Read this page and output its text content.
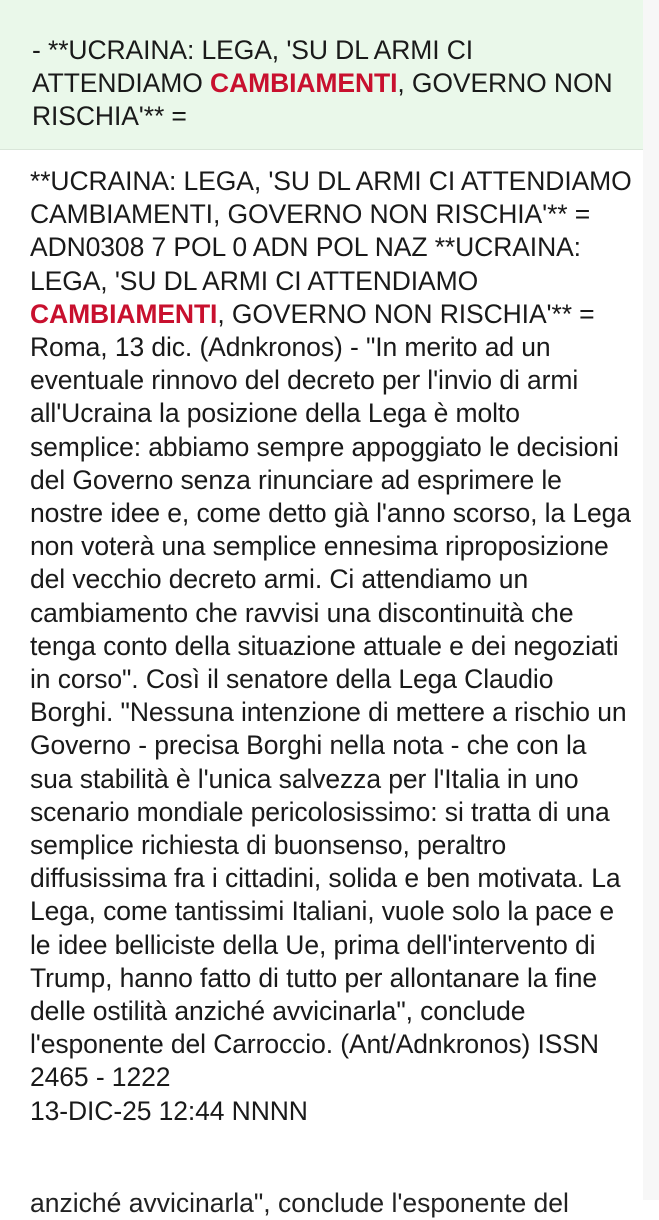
- **UCRAINA: LEGA, 'SU DL ARMI CI ATTENDIAMO CAMBIAMENTI, GOVERNO NON RISCHIA'** =
**UCRAINA: LEGA, 'SU DL ARMI CI ATTENDIAMO CAMBIAMENTI, GOVERNO NON RISCHIA'** =
ADN0308 7 POL 0 ADN POL NAZ **UCRAINA: LEGA, 'SU DL ARMI CI ATTENDIAMO
CAMBIAMENTI, GOVERNO NON RISCHIA'** =
Roma, 13 dic. (Adnkronos) - "In merito ad un eventuale rinnovo del decreto per l'invio di armi all'Ucraina la posizione della Lega è molto semplice: abbiamo sempre appoggiato le decisioni del Governo senza rinunciare ad esprimere le nostre idee e, come detto già l'anno scorso, la Lega non voterà una semplice ennesima riproposizione del vecchio decreto armi. Ci attendiamo un cambiamento che ravvisi una discontinuità che tenga conto della situazione attuale e dei negoziati in corso". Così il senatore della Lega Claudio Borghi. "Nessuna intenzione di mettere a rischio un Governo - precisa Borghi nella nota - che con la sua stabilità è l'unica salvezza per l'Italia in uno scenario mondiale pericolosissimo: si tratta di una semplice richiesta di buonsenso, peraltro diffusissima fra i cittadini, solida e ben motivata. La Lega, come tantissimi Italiani, vuole solo la pace e le idee belliciste della Ue, prima dell'intervento di Trump, hanno fatto di tutto per allontanare la fine delle ostilità anziché avvicinarla", conclude l'esponente del Carroccio. (Ant/Adnkronos) ISSN 2465 - 1222
13-DIC-25 12:44 NNNN
anziché avvicinarla", conclude l'esponente del
